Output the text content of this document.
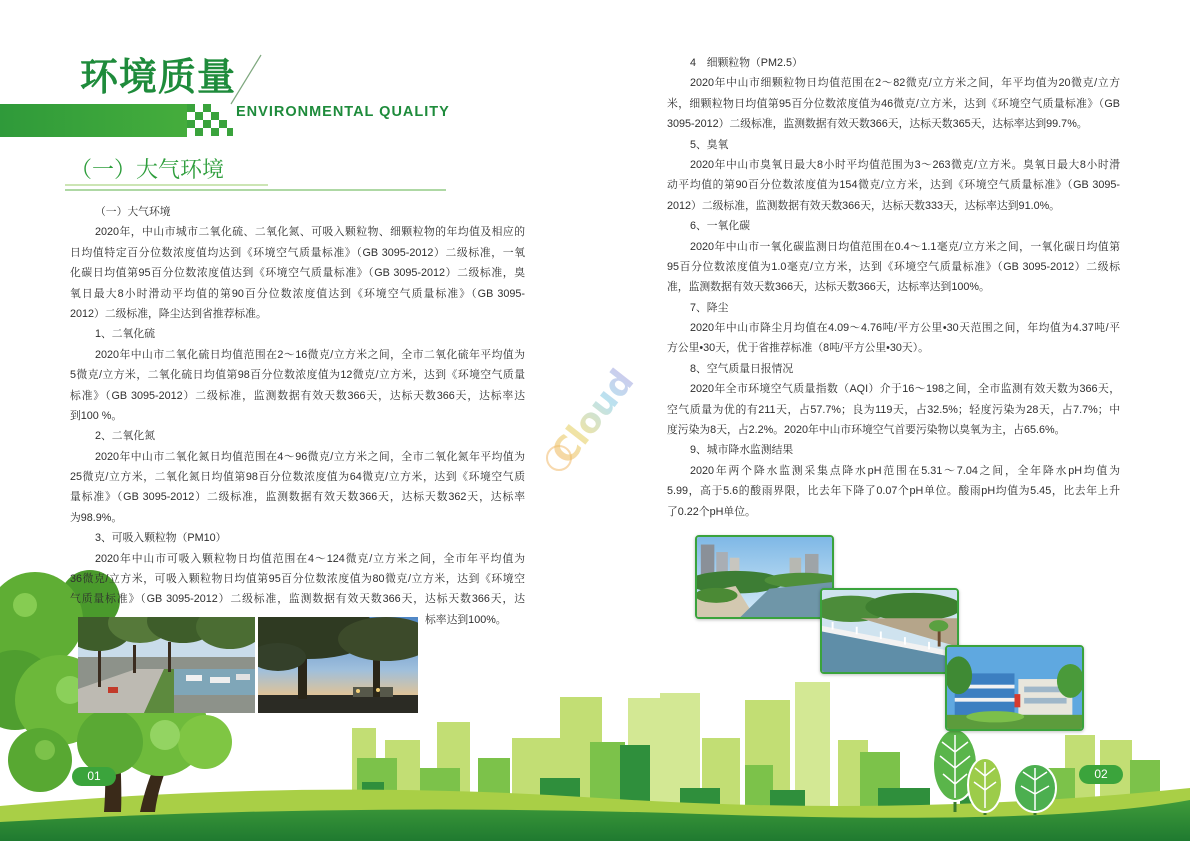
环境质量
ENVIRONMENTAL QUALITY
（一）大气环境
（一）大气环境
2020年，中山市城市二氧化硫、二氧化氮、可吸入颗粒物、细颗粒物的年均值及相应的
日均值特定百分位数浓度值均达到《环境空气质量标准》（GB 3095-2012）二级标准，一氧
化碳日均值第95百分位数浓度值达到《环境空气质量标准》（GB 3095-2012）二级标准，臭
氧日最大8小时滑动平均值的第90百分位数浓度值达到《环境空气质量标准》（GB 3095-
2012）二级标准，降尘达到省推荐标准。
1、二氧化硫
2020年中山市二氧化硫日均值范围在2～16微克/立方米之间，全市二氧化硫年平均值为
5微克/立方米，二氧化硫日均值第98百分位数浓度值为12微克/立方米，达到《环境空气质量
标准》（GB 3095-2012）二级标准，监测数据有效天数366天，达标天数366天，达标率达
到100 %。
2、二氧化氮
2020年中山市二氧化氮日均值范围在4～96微克/立方米之间，全市二氧化氮年平均值为
25微克/立方米，二氧化氮日均值第98百分位数浓度值为64微克/立方米，达到《环境空气质
量标准》（GB 3095-2012）二级标准，监测数据有效天数366天，达标天数362天，达标率
为98.9%。
3、可吸入颗粒物（PM10）
2020年中山市可吸入颗粒物日均值范围在4～124微克/立方米之间，全市年平均值为
36微克/立方米，可吸入颗粒物日均值第95百分位数浓度值为80微克/立方米，达到《环境空
气质量标准》（GB 3095-2012）二级标准，监测数据有效天数366天，达标天数366天，达
标率达到100%。
4　细颗粒物（PM2.5）
2020年中山市细颗粒物日均值范围在2～82微克/立方米之间，年平均值为20微克/立方
米，细颗粒物日均值第95百分位数浓度值为46微克/立方米，达到《环境空气质量标准》（GB
3095-2012）二级标准，监测数据有效天数366天，达标天数365天，达标率达到99.7%。
5、臭氧
2020年中山市臭氧日最大8小时平均值范围为3～263微克/立方米。臭氧日最大8小时滑
动平均值的第90百分位数浓度值为154微克/立方米，达到《环境空气质量标准》（GB 3095-
2012）二级标准，监测数据有效天数366天，达标天数333天，达标率达到91.0%。
6、一氧化碳
2020年中山市一氧化碳监测日均值范围在0.4～1.1毫克/立方米之间，一氧化碳日均值第
95百分位数浓度值为1.0毫克/立方米，达到《环境空气质量标准》（GB 3095-2012）二级标
准，监测数据有效天数366天，达标天数366天，达标率达到100%。
7、降尘
2020年中山市降尘月均值在4.09～4.76吨/平方公里•30天范围之间，年均值为4.37吨/平
方公里•30天，优于省推荐标准（8吨/平方公里•30天）。
8、空气质量日报情况
2020年全市环境空气质量指数（AQI）介于16～198之间，全市监测有效天数为366天，
空气质量为优的有211天，占57.7%；良为119天，占32.5%；轻度污染为28天，占7.7%；中
度污染为8天，占2.2%。2020年中山市环境空气首要污染物以臭氧为主，占65.6%。
9、城市降水监测结果
2020年两个降水监测采集点降水pH范围在5.31～7.04之间，全年降水pH均值为
5.99，高于5.6的酸雨界限，比去年下降了0.07个pH单位。酸雨pH均值为5.45，比去年上升
了0.22个pH单位。
Cloud
01	02
